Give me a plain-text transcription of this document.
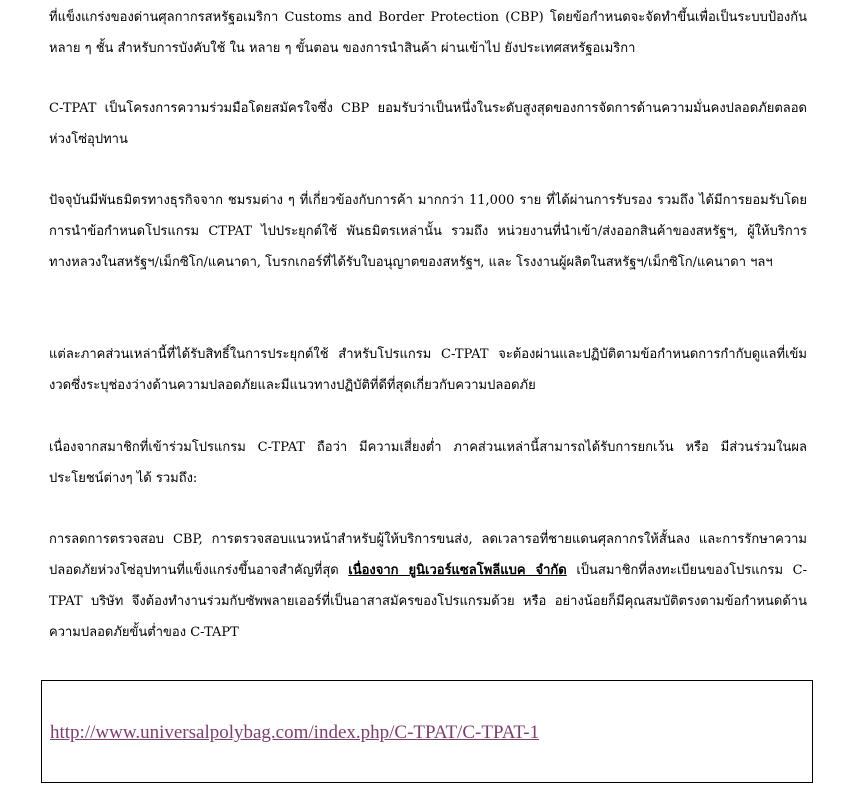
ที่แข็งแกร่งของด่านศุลกากรสหรัฐอเมริกา Customs and Border Protection (CBP) โดยข้อกำหนดจะจัดทำขึ้นเพื่อเป็นระบบป้องกันหลาย ๆ ชั้น สำหรับการบังคับใช้ ใน หลาย ๆ ขั้นตอน ของการนำสินค้า ผ่านเข้าไป ยังประเทศสหรัฐอเมริกา

C-TPAT เป็นโครงการความร่วมมือโดยสมัครใจซึ่ง CBP ยอมรับว่าเป็นหนึ่งในระดับสูงสุดของการจัดการด้านความมั่นคงปลอดภัยตลอดห่วงโซ่อุปทาน

ปัจจุบันมีพันธมิตรทางธุรกิจจาก ชมรมต่าง ๆ ที่เกี่ยวข้องกับการค้า มากกว่า 11,000 ราย ที่ได้ผ่านการรับรอง รวมถึง ได้มีการยอมรับโดยการนำข้อกำหนดโปรแกรม CTPAT ไปประยุกต์ใช้ พันธมิตรเหล่านั้น รวมถึง หน่วยงานที่นำเข้า/ส่งออกสินค้าของสหรัฐฯ, ผู้ให้บริการทางหลวงในสหรัฐฯ/เม็กซิโก/แคนาดา, โบรกเกอร์ที่ได้รับใบอนุญาตของสหรัฐฯ, และ โรงงานผู้ผลิตในสหรัฐฯ/เม็กซิโก/แคนาดา ฯลฯ

แต่ละภาคส่วนเหล่านี้ที่ได้รับสิทธิ์ในการประยุกต์ใช้ สำหรับโปรแกรม C-TPAT จะต้องผ่านและปฏิบัติตามข้อกำหนดการกำกับดูแลที่เข้มงวดซึ่งระบุช่องว่างด้านความปลอดภัยและมีแนวทางปฏิบัติที่ดีที่สุดเกี่ยวกับความปลอดภัย

เนื่องจากสมาชิกที่เข้าร่วมโปรแกรม C-TPAT ถือว่า มีความเสี่ยงต่ำ ภาคส่วนเหล่านี้สามารถได้รับการยกเว้น หรือ มีส่วนร่วมในผลประโยชน์ต่างๆ ได้ รวมถึง:

การลดการตรวจสอบ CBP, การตรวจสอบแนวหน้าสำหรับผู้ให้บริการขนส่ง, ลดเวลารอที่ชายแดนศุลกากรให้สั้นลง และการรักษาความปลอดภัยห่วงโซ่อุปทานที่แข็งแกร่งขึ้นอาจสำคัญที่สุด เนื่องจาก ยูนิเวอร์แซลโพลีแบค จำกัด เป็นสมาชิกที่ลงทะเบียนของโปรแกรม C-TPAT บริษัท จึงต้องทำงานร่วมกับซัพพลายเออร์ที่เป็นอาสาสมัครของโปรแกรมด้วย หรือ อย่างน้อยก็มีคุณสมบัติตรงตามข้อกำหนดด้านความปลอดภัยขั้นต่ำของ C-TAPT

http://www.universalpolybag.com/index.php/C-TPAT/C-TPAT-1
